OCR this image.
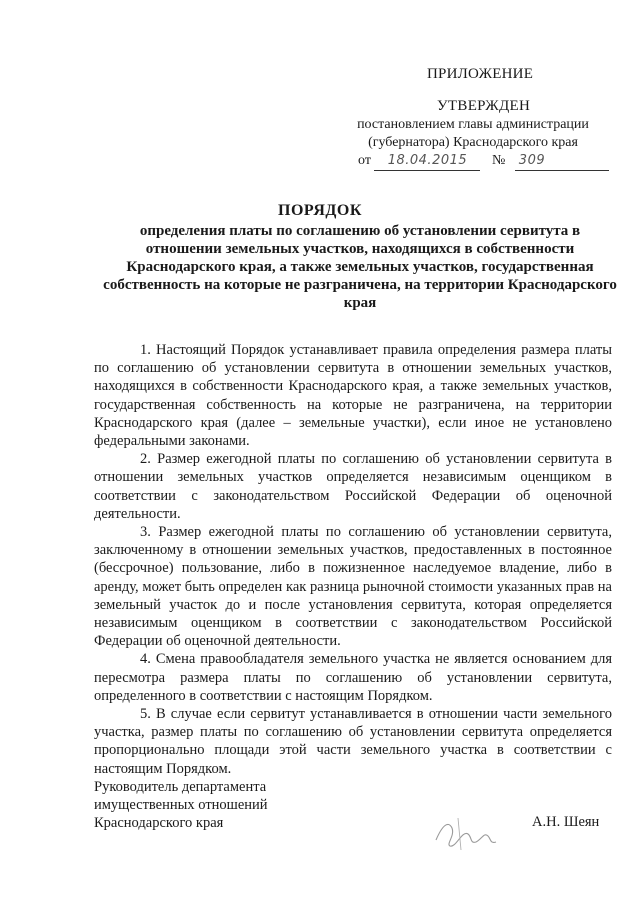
ПРИЛОЖЕНИЕ
УТВЕРЖДЕН
постановлением главы администрации
(губернатора) Краснодарского края
от 18.04.2015 № 309
ПОРЯДОК
определения платы по соглашению об установлении сервитута в отношении земельных участков, находящихся в собственности Краснодарского края, а также земельных участков, государственная собственность на которые не разграничена, на территории Краснодарского края

1. Настоящий Порядок устанавливает правила определения размера платы по соглашению об установлении сервитута в отношении земельных участков, находящихся в собственности Краснодарского края, а также земельных участков, государственная собственность на которые не разграничена, на территории Краснодарского края (далее – земельные участки), если иное не установлено федеральными законами.

2. Размер ежегодной платы по соглашению об установлении сервитута в отношении земельных участков определяется независимым оценщиком в соответствии с законодательством Российской Федерации об оценочной деятельности.

3. Размер ежегодной платы по соглашению об установлении сервитута, заключенному в отношении земельных участков, предоставленных в постоянное (бессрочное) пользование, либо в пожизненное наследуемое владение, либо в аренду, может быть определен как разница рыночной стоимости указанных прав на земельный участок до и после установления сервитута, которая определяется независимым оценщиком в соответствии с законодательством Российской Федерации об оценочной деятельности.

4. Смена правообладателя земельного участка не является основанием для пересмотра размера платы по соглашению об установлении сервитута, определенного в соответствии с настоящим Порядком.

5. В случае если сервитут устанавливается в отношении части земельного участка, размер платы по соглашению об установлении сервитута определяется пропорционально площади этой части земельного участка в соответствии с настоящим Порядком.

Руководитель департамента
имущественных отношений
Краснодарского края	А.Н. Шеян
